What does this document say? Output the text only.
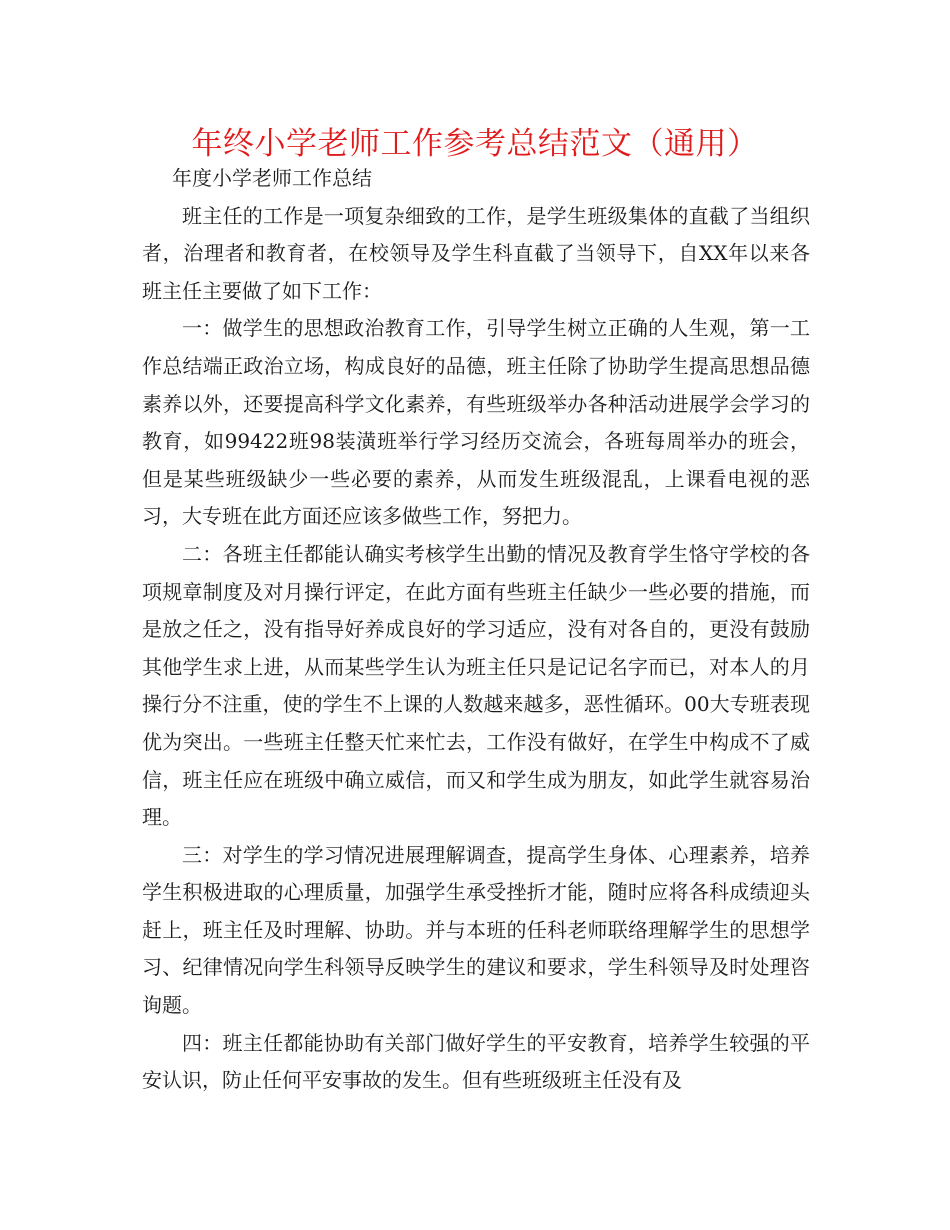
年终小学老师工作参考总结范文（通用）

年度小学老师工作总结

班主任的工作是一项复杂细致的工作，是学生班级集体的直截了当组织者，治理者和教育者，在校领导及学生科直截了当领导下，自XX年以来各班主任主要做了如下工作：

一：做学生的思想政治教育工作，引导学生树立正确的人生观，第一工作总结端正政治立场，构成良好的品德，班主任除了协助学生提高思想品德素养以外，还要提高科学文化素养，有些班级举办各种活动进展学会学习的教育，如99422班98装潢班举行学习经历交流会，各班每周举办的班会，但是某些班级缺少一些必要的素养，从而发生班级混乱，上课看电视的恶习，大专班在此方面还应该多做些工作，努把力。

二：各班主任都能认确实考核学生出勤的情况及教育学生恪守学校的各项规章制度及对月操行评定，在此方面有些班主任缺少一些必要的措施，而是放之任之，没有指导好养成良好的学习适应，没有对各自的，更没有鼓励其他学生求上进，从而某些学生认为班主任只是记记名字而已，对本人的月操行分不注重，使的学生不上课的人数越来越多，恶性循环。00大专班表现优为突出。一些班主任整天忙来忙去，工作没有做好，在学生中构成不了威信，班主任应在班级中确立威信，而又和学生成为朋友，如此学生就容易治理。

三：对学生的学习情况进展理解调查，提高学生身体、心理素养，培养学生积极进取的心理质量，加强学生承受挫折才能，随时应将各科成绩迎头赶上，班主任及时理解、协助。并与本班的任科老师联络理解学生的思想学习、纪律情况向学生科领导反映学生的建议和要求，学生科领导及时处理咨询题。

四：班主任都能协助有关部门做好学生的平安教育，培养学生较强的平安认识，防止任何平安事故的发生。但有些班级班主任没有及
